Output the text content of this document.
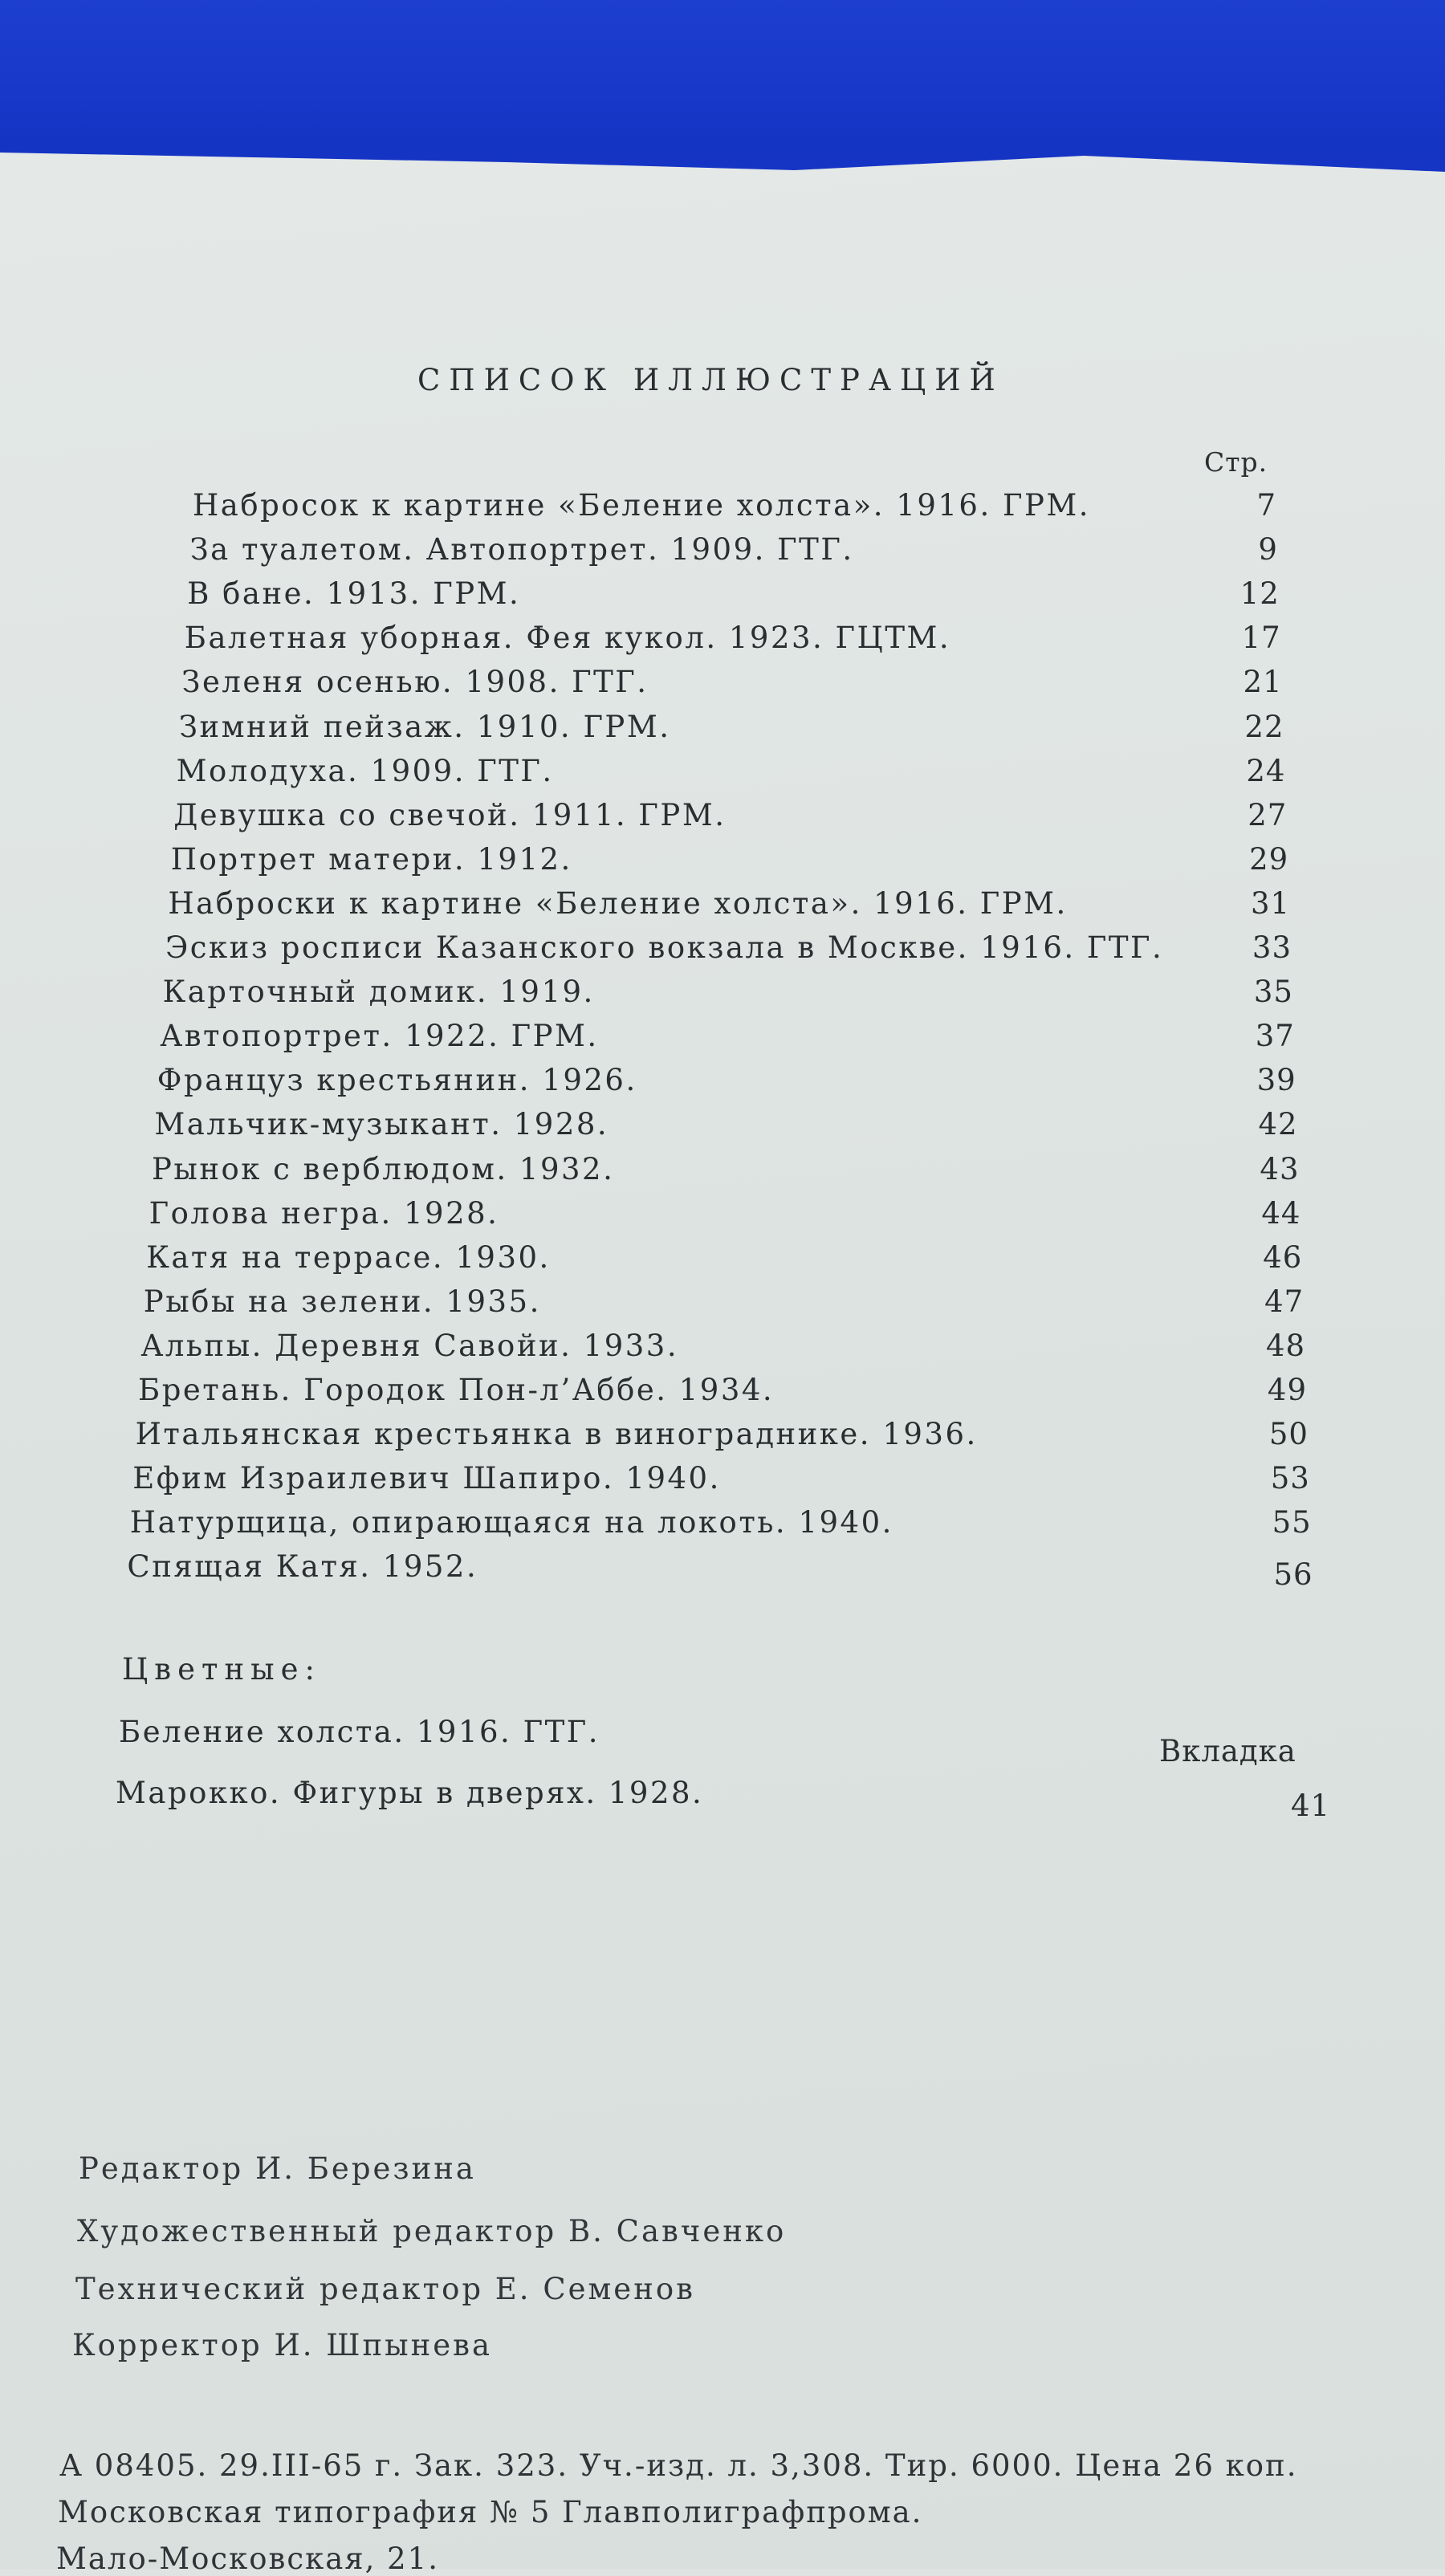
СПИСОК ИЛЛЮСТРАЦИЙ
Стр.
Набросок к картине «Беление холста». 1916. ГРМ.	7
За туалетом. Автопортрет. 1909. ГТГ.	9
В бане. 1913. ГРМ.	12
Балетная уборная. Фея кукол. 1923. ГЦТМ.	17
Зеленя осенью. 1908. ГТГ.	21
Зимний пейзаж. 1910. ГРМ.	22
Молодуха. 1909. ГТГ.	24
Девушка со свечой. 1911. ГРМ.	27
Портрет матери. 1912.	29
Наброски к картине «Беление холста». 1916. ГРМ.	31
Эскиз росписи Казанского вокзала в Москве. 1916. ГТГ.	33
Карточный домик. 1919.	35
Автопортрет. 1922. ГРМ.	37
Француз крестьянин. 1926.	39
Мальчик-музыкант. 1928.	42
Рынок с верблюдом. 1932.	43
Голова негра. 1928.	44
Катя на террасе. 1930.	46
Рыбы на зелени. 1935.	47
Альпы. Деревня Савойи. 1933.	48
Бретань. Городок Пон-л’Аббе. 1934.	49
Итальянская крестьянка в винограднике. 1936.	50
Ефим Израилевич Шапиро. 1940.	53
Натурщица, опирающаяся на локоть. 1940.	55
Спящая Катя. 1952.	56
Цветные:
Беление холста. 1916. ГТГ.
Вкладка
Марокко. Фигуры в дверях. 1928.	41
Редактор И. Березина
Художественный редактор В. Савченко
Технический редактор Е. Семенов
Корректор И. Шпынева
А 08405. 29.III-65 г. Зак. 323. Уч.-изд. л. 3,308. Тир. 6000. Цена 26 коп.
Московская типография № 5 Главполиграфпрома.
Мало-Московская, 21.
